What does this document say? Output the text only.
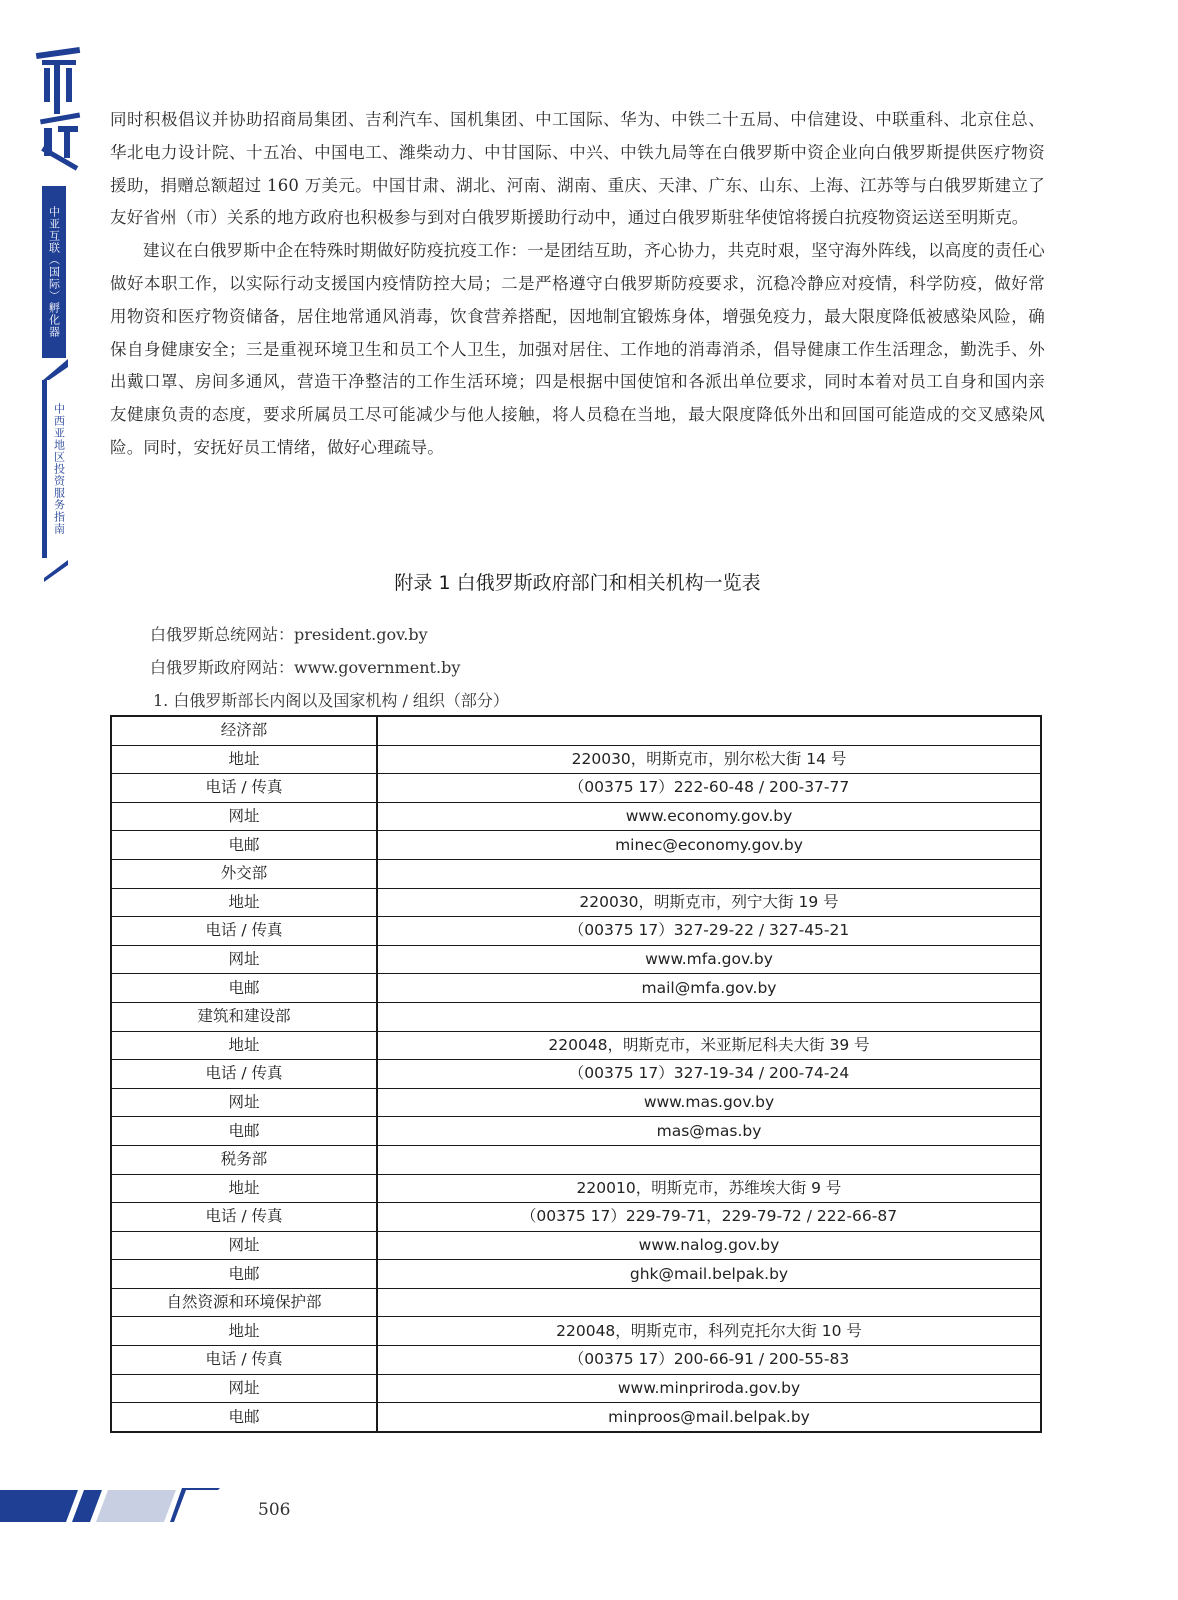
中亚互联（国际）孵化器
中西亚地区投资服务指南

同时积极倡议并协助招商局集团、吉利汽车、国机集团、中工国际、华为、中铁二十五局、中信建设、中联重科、北京住总、华北电力设计院、十五冶、中国电工、潍柴动力、中甘国际、中兴、中铁九局等在白俄罗斯中资企业向白俄罗斯提供医疗物资援助，捐赠总额超过 160 万美元。中国甘肃、湖北、河南、湖南、重庆、天津、广东、山东、上海、江苏等与白俄罗斯建立了友好省州（市）关系的地方政府也积极参与到对白俄罗斯援助行动中，通过白俄罗斯驻华使馆将援白抗疫物资运送至明斯克。

建议在白俄罗斯中企在特殊时期做好防疫抗疫工作：一是团结互助，齐心协力，共克时艰，坚守海外阵线，以高度的责任心做好本职工作，以实际行动支援国内疫情防控大局；二是严格遵守白俄罗斯防疫要求，沉稳冷静应对疫情，科学防疫，做好常用物资和医疗物资储备，居住地常通风消毒，饮食营养搭配，因地制宜锻炼身体，增强免疫力，最大限度降低被感染风险，确保自身健康安全；三是重视环境卫生和员工个人卫生，加强对居住、工作地的消毒消杀，倡导健康工作生活理念，勤洗手、外出戴口罩、房间多通风，营造干净整洁的工作生活环境；四是根据中国使馆和各派出单位要求，同时本着对员工自身和国内亲友健康负责的态度，要求所属员工尽可能减少与他人接触，将人员稳在当地，最大限度降低外出和回国可能造成的交叉感染风险。同时，安抚好员工情绪，做好心理疏导。

附录 1 白俄罗斯政府部门和相关机构一览表
白俄罗斯总统网站：president.gov.by
白俄罗斯政府网站：www.government.by
1. 白俄罗斯部长内阁以及国家机构 / 组织（部分）
经济部	
地址	220030，明斯克市，别尔松大街 14 号
电话 / 传真	（00375 17）222-60-48 / 200-37-77
网址	www.economy.gov.by
电邮	minec@economy.gov.by
外交部	
地址	220030，明斯克市，列宁大街 19 号
电话 / 传真	（00375 17）327-29-22 / 327-45-21
网址	www.mfa.gov.by
电邮	mail@mfa.gov.by
建筑和建设部	
地址	220048，明斯克市，米亚斯尼科夫大街 39 号
电话 / 传真	（00375 17）327-19-34 / 200-74-24
网址	www.mas.gov.by
电邮	mas@mas.by
税务部	
地址	220010，明斯克市，苏维埃大街 9 号
电话 / 传真	（00375 17）229-79-71，229-79-72 / 222-66-87
网址	www.nalog.gov.by
电邮	ghk@mail.belpak.by
自然资源和环境保护部	
地址	220048，明斯克市，科列克托尔大街 10 号
电话 / 传真	（00375 17）200-66-91 / 200-55-83
网址	www.minpriroda.gov.by
电邮	minproos@mail.belpak.by
506
